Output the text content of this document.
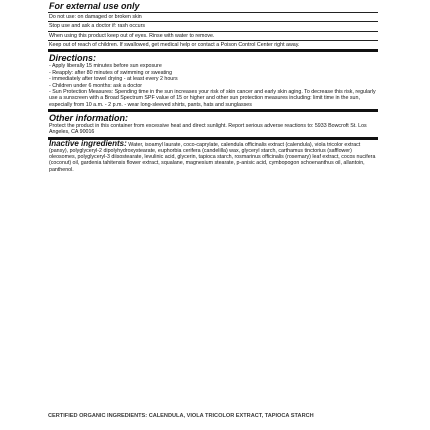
For external use only
Do not use: on damaged or broken skin
Stop use and ask a doctor if: rash occurs
When using this product keep out of eyes. Rinse with water to remove.
Keep out of reach of children. If swallowed, get medical help or contact a Poison Control Center right away.
Directions:
- Apply liberally 15 minutes before sun exposure
- Reapply: after 80 minutes of swimming or sweating
- immediately after towel drying - at least every 2 hours
- Children under 6 months: ask a doctor
- Sun Protection Measures: Spending time in the sun increases your risk of skin cancer and early skin aging. To decrease this risk, regularly use a sunscreen with a Broad Spectrum SPF value of 15 or higher and other sun protection measures including: limit time in the sun, especially from 10 a.m. - 2 p.m. - wear long-sleeved shirts, pants, hats and sunglasses
Other information:
Protect the product in this container from excessive heat and direct sunlight. Report serious adverse reactions to: 5933 Bowcroft St. Los Angeles, CA 90016
Inactive ingredients: Water, isoamyl laurate, coco-caprylate, calendula officinalis extract (calendula), viola tricolor extract (pansy), polyglyceryl-2 dipolyhydroxystearate, euphorbia cerifera (candelilla) wax, glyceryl starch, carthamus tinctorius (safflower) oleosomes, polyglyceryl-3 diisostearate, levulinic acid, glycerin, tapioca starch, rosmarinus officinalis (rosemary) leaf extract, cocos nucifera (coconut) oil, gardenia tahitensis flower extract, squalane, magnesium stearate, p-anisic acid, cymbopogon schoenanthus oil, allantoin, panthenol.
CERTIFIED ORGANIC INGREDIENTS: CALENDULA, VIOLA TRICOLOR EXTRACT, TAPIOCA STARCH
